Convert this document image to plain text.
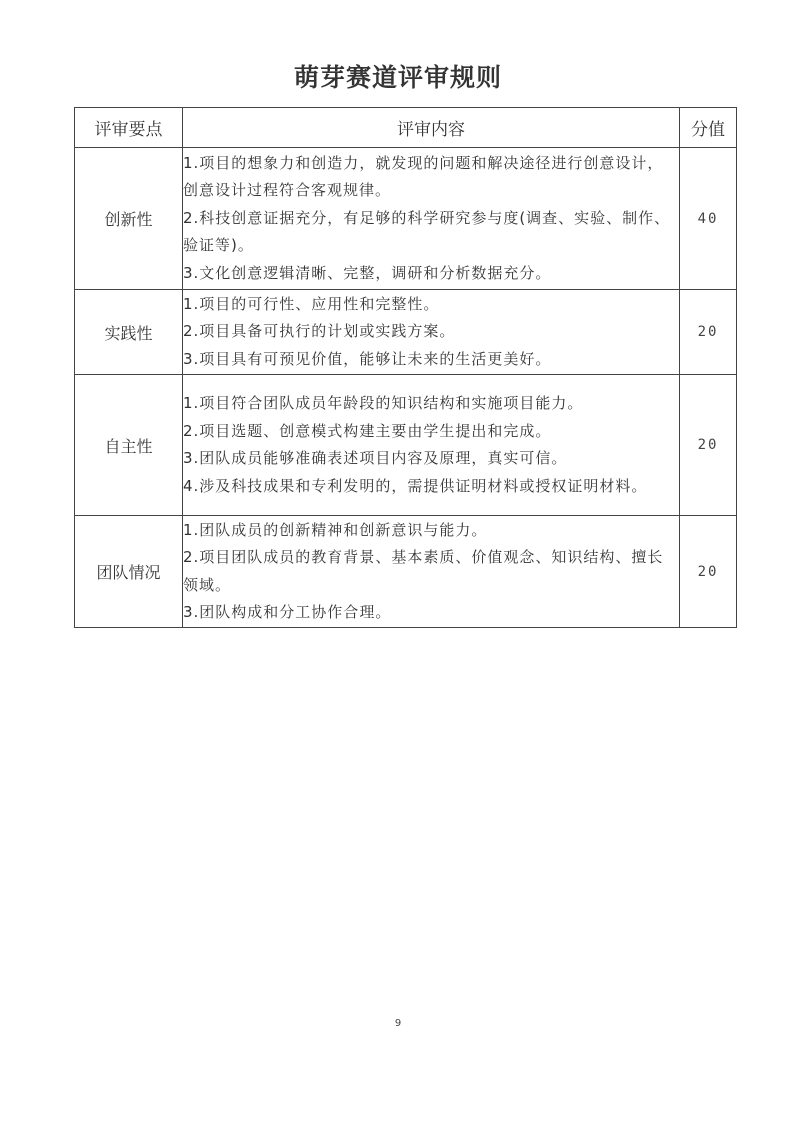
萌芽赛道评审规则
评审要点	评审内容	分值
创新性	1.项目的想象力和创造力，就发现的问题和解决途径进行创意设计，创意设计过程符合客观规律。
2.科技创意证据充分，有足够的科学研究参与度(调查、实验、制作、验证等)。
3.文化创意逻辑清晰、完整，调研和分析数据充分。	40
实践性	1.项目的可行性、应用性和完整性。
2.项目具备可执行的计划或实践方案。
3.项目具有可预见价值，能够让未来的生活更美好。	20
自主性	1.项目符合团队成员年龄段的知识结构和实施项目能力。
2.项目选题、创意模式构建主要由学生提出和完成。
3.团队成员能够准确表述项目内容及原理，真实可信。
4.涉及科技成果和专利发明的，需提供证明材料或授权证明材料。	20
团队情况	1.团队成员的创新精神和创新意识与能力。
2.项目团队成员的教育背景、基本素质、价值观念、知识结构、擅长领域。
3.团队构成和分工协作合理。	20
9
